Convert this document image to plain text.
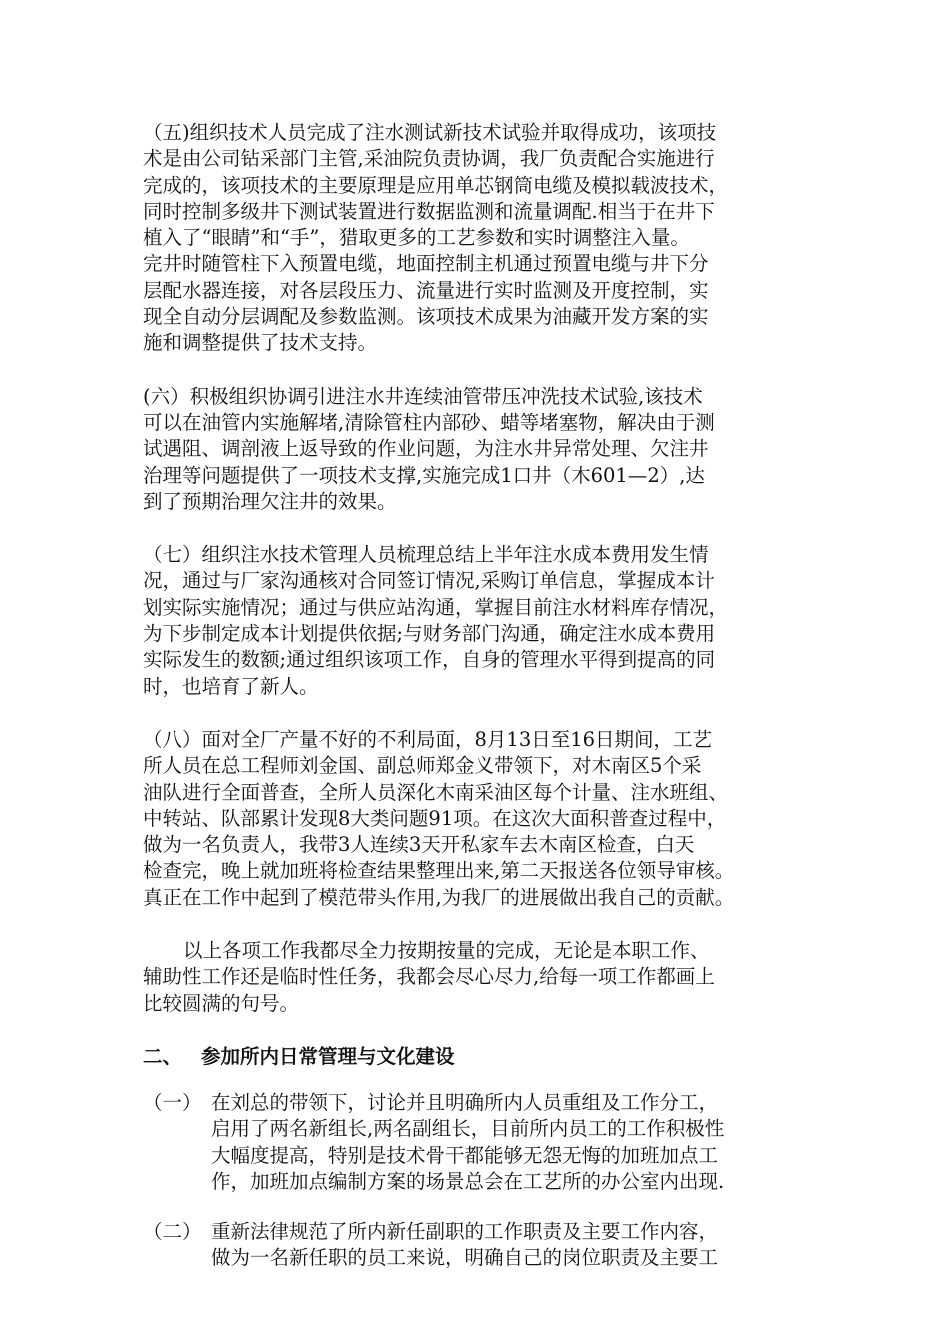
（五)组织技术人员完成了注水测试新技术试验并取得成功，该项技
术是由公司钻采部门主管,采油院负责协调，我厂负责配合实施进行
完成的，该项技术的主要原理是应用单芯钢筒电缆及模拟载波技术，
同时控制多级井下测试装置进行数据监测和流量调配.相当于在井下
植入了“眼睛”和“手”，猎取更多的工艺参数和实时调整注入量。
完井时随管柱下入预置电缆，地面控制主机通过预置电缆与井下分
层配水器连接，对各层段压力、流量进行实时监测及开度控制，实
现全自动分层调配及参数监测。该项技术成果为油藏开发方案的实
施和调整提供了技术支持。
(六）积极组织协调引进注水井连续油管带压冲洗技术试验,该技术
可以在油管内实施解堵,清除管柱内部砂、蜡等堵塞物，解决由于测
试遇阻、调剖液上返导致的作业问题，为注水井异常处理、欠注井
治理等问题提供了一项技术支撑,实施完成1口井（木601—2）,达
到了预期治理欠注井的效果。
（七）组织注水技术管理人员梳理总结上半年注水成本费用发生情
况，通过与厂家沟通核对合同签订情况,采购订单信息，掌握成本计
划实际实施情况；通过与供应站沟通，掌握目前注水材料库存情况，
为下步制定成本计划提供依据;与财务部门沟通，确定注水成本费用
实际发生的数额;通过组织该项工作，自身的管理水平得到提高的同
时，也培育了新人。
（八）面对全厂产量不好的不利局面，8月13日至16日期间，工艺
所人员在总工程师刘金国、副总师郑金义带领下，对木南区5个采
油队进行全面普查，全所人员深化木南采油区每个计量、注水班组、
中转站、队部累计发现8大类问题91项。在这次大面积普查过程中，
做为一名负责人，我带3人连续3天开私家车去木南区检查，白天
检查完，晚上就加班将检查结果整理出来,第二天报送各位领导审核。
真正在工作中起到了模范带头作用,为我厂的进展做出我自己的贡献。
以上各项工作我都尽全力按期按量的完成，无论是本职工作、
辅助性工作还是临时性任务，我都会尽心尽力,给每一项工作都画上
比较圆满的句号。
二、 参加所内日常管理与文化建设
（一） 在刘总的带领下，讨论并且明确所内人员重组及工作分工，
启用了两名新组长,两名副组长，目前所内员工的工作积极性
大幅度提高，特别是技术骨干都能够无怨无悔的加班加点工
作，加班加点编制方案的场景总会在工艺所的办公室内出现.
（二） 重新法律规范了所内新任副职的工作职责及主要工作内容，
做为一名新任职的员工来说，明确自己的岗位职责及主要工
